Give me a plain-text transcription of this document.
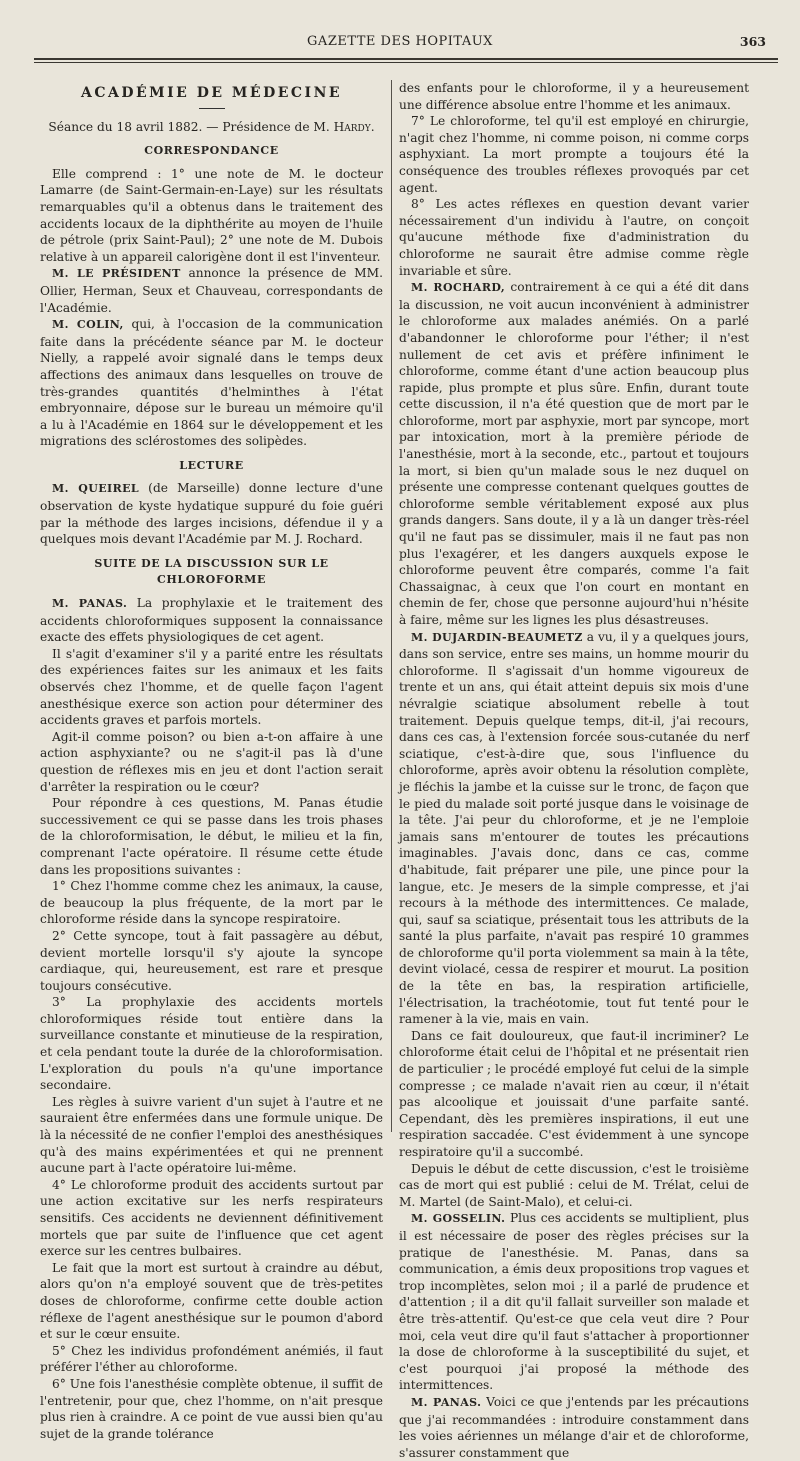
GAZETTE DES HOPITAUX	363
ACADÉMIE DE MÉDECINE
Séance du 18 avril 1882. — Présidence de M. Hardy.
CORRESPONDANCE

Elle comprend : 1° une note de M. le docteur Lamarre (de Saint-Germain-en-Laye) sur les résultats remarquables qu'il a obtenus dans le traitement des accidents locaux de la diphthérite au moyen de l'huile de pétrole (prix Saint-Paul); 2° une note de M. Dubois relative à un appareil calorigène dont il est l'inventeur.

M. LE PRÉSIDENT annonce la présence de MM. Ollier, Herman, Seux et Chauveau, correspondants de l'Académie.

M. COLIN, qui, à l'occasion de la communication faite dans la précédente séance par M. le docteur Nielly, a rappelé avoir signalé dans le temps deux affections des animaux dans lesquelles on trouve de très-grandes quantités d'helminthes à l'état embryonnaire, dépose sur le bureau un mémoire qu'il a lu à l'Académie en 1864 sur le développement et les migrations des sclérostomes des solipèdes.

LECTURE

M. QUEIREL (de Marseille) donne lecture d'une observation de kyste hydatique suppuré du foie guéri par la méthode des larges incisions, défendue il y a quelques mois devant l'Académie par M. J. Rochard.

SUITE DE LA DISCUSSION SUR LE CHLOROFORME

M. PANAS. La prophylaxie et le traitement des accidents chloroformiques supposent la connaissance exacte des effets physiologiques de cet agent.

Il s'agit d'examiner s'il y a parité entre les résultats des expériences faites sur les animaux et les faits observés chez l'homme, et de quelle façon l'agent anesthésique exerce son action pour déterminer des accidents graves et parfois mortels.

Agit-il comme poison? ou bien a-t-on affaire à une action asphyxiante? ou ne s'agit-il pas là d'une question de réflexes mis en jeu et dont l'action serait d'arrêter la respiration ou le cœur?

Pour répondre à ces questions, M. Panas étudie successivement ce qui se passe dans les trois phases de la chloroformisation, le début, le milieu et la fin, comprenant l'acte opératoire. Il résume cette étude dans les propositions suivantes :

1° Chez l'homme comme chez les animaux, la cause, de beaucoup la plus fréquente, de la mort par le chloroforme réside dans la syncope respiratoire.

2° Cette syncope, tout à fait passagère au début, devient mortelle lorsqu'il s'y ajoute la syncope cardiaque, qui, heureusement, est rare et presque toujours consécutive.

3° La prophylaxie des accidents mortels chloroformiques réside tout entière dans la surveillance constante et minutieuse de la respiration, et cela pendant toute la durée de la chloroformisation. L'exploration du pouls n'a qu'une importance secondaire.

Les règles à suivre varient d'un sujet à l'autre et ne sauraient être enfermées dans une formule unique. De là la nécessité de ne confier l'emploi des anesthésiques qu'à des mains expérimentées et qui ne prennent aucune part à l'acte opératoire lui-même.

4° Le chloroforme produit des accidents surtout par une action excitative sur les nerfs respirateurs sensitifs. Ces accidents ne deviennent définitivement mortels que par suite de l'influence que cet agent exerce sur les centres bulbaires.

Le fait que la mort est surtout à craindre au début, alors qu'on n'a employé souvent que de très-petites doses de chloroforme, confirme cette double action réflexe de l'agent anesthésique sur le poumon d'abord et sur le cœur ensuite.

5° Chez les individus profondément anémiés, il faut préférer l'éther au chloroforme.

6° Une fois l'anesthésie complète obtenue, il suffit de l'entretenir, pour que, chez l'homme, on n'ait presque plus rien à craindre. A ce point de vue aussi bien qu'au sujet de la grande tolérance

des enfants pour le chloroforme, il y a heureusement une différence absolue entre l'homme et les animaux.

7° Le chloroforme, tel qu'il est employé en chirurgie, n'agit chez l'homme, ni comme poison, ni comme corps asphyxiant. La mort prompte a toujours été la conséquence des troubles réflexes provoqués par cet agent.

8° Les actes réflexes en question devant varier nécessairement d'un individu à l'autre, on conçoit qu'aucune méthode fixe d'administration du chloroforme ne saurait être admise comme règle invariable et sûre.

M. ROCHARD, contrairement à ce qui a été dit dans la discussion, ne voit aucun inconvénient à administrer le chloroforme aux malades anémiés. On a parlé d'abandonner le chloroforme pour l'éther; il n'est nullement de cet avis et préfère infiniment le chloroforme, comme étant d'une action beaucoup plus rapide, plus prompte et plus sûre. Enfin, durant toute cette discussion, il n'a été question que de mort par le chloroforme, mort par asphyxie, mort par syncope, mort par intoxication, mort à la première période de l'anesthésie, mort à la seconde, etc., partout et toujours la mort, si bien qu'un malade sous le nez duquel on présente une compresse contenant quelques gouttes de chloroforme semble véritablement exposé aux plus grands dangers. Sans doute, il y a là un danger très-réel qu'il ne faut pas se dissimuler, mais il ne faut pas non plus l'exagérer, et les dangers auxquels expose le chloroforme peuvent être comparés, comme l'a fait Chassaignac, à ceux que l'on court en montant en chemin de fer, chose que personne aujourd'hui n'hésite à faire, même sur les lignes les plus désastreuses.

M. DUJARDIN-BEAUMETZ a vu, il y a quelques jours, dans son service, entre ses mains, un homme mourir du chloroforme. Il s'agissait d'un homme vigoureux de trente et un ans, qui était atteint depuis six mois d'une névralgie sciatique absolument rebelle à tout traitement. Depuis quelque temps, dit-il, j'ai recours, dans ces cas, à l'extension forcée sous-cutanée du nerf sciatique, c'est-à-dire que, sous l'influence du chloroforme, après avoir obtenu la résolution complète, je fléchis la jambe et la cuisse sur le tronc, de façon que le pied du malade soit porté jusque dans le voisinage de la tête. J'ai peur du chloroforme, et je ne l'emploie jamais sans m'entourer de toutes les précautions imaginables. J'avais donc, dans ce cas, comme d'habitude, fait préparer une pile, une pince pour la langue, etc. Je mesers de la simple compresse, et j'ai recours à la méthode des intermittences. Ce malade, qui, sauf sa sciatique, présentait tous les attributs de la santé la plus parfaite, n'avait pas respiré 10 grammes de chloroforme qu'il porta violemment sa main à la tête, devint violacé, cessa de respirer et mourut. La position de la tête en bas, la respiration artificielle, l'électrisation, la trachéotomie, tout fut tenté pour le ramener à la vie, mais en vain.

Dans ce fait douloureux, que faut-il incriminer? Le chloroforme était celui de l'hôpital et ne présentait rien de particulier ; le procédé employé fut celui de la simple compresse ; ce malade n'avait rien au cœur, il n'était pas alcoolique et jouissait d'une parfaite santé. Cependant, dès les premières inspirations, il eut une respiration saccadée. C'est évidemment à une syncope respiratoire qu'il a succombé.

Depuis le début de cette discussion, c'est le troisième cas de mort qui est publié : celui de M. Trélat, celui de M. Martel (de Saint-Malo), et celui-ci.

M. GOSSELIN. Plus ces accidents se multiplient, plus il est nécessaire de poser des règles précises sur la pratique de l'anesthésie. M. Panas, dans sa communication, a émis deux propositions trop vagues et trop incomplètes, selon moi ; il a parlé de prudence et d'attention ; il a dit qu'il fallait surveiller son malade et être très-attentif. Qu'est-ce que cela veut dire ? Pour moi, cela veut dire qu'il faut s'attacher à proportionner la dose de chloroforme à la susceptibilité du sujet, et c'est pourquoi j'ai proposé la méthode des intermittences.

M. PANAS. Voici ce que j'entends par les précautions que j'ai recommandées : introduire constamment dans les voies aériennes un mélange d'air et de chloroforme, s'assurer constamment que
